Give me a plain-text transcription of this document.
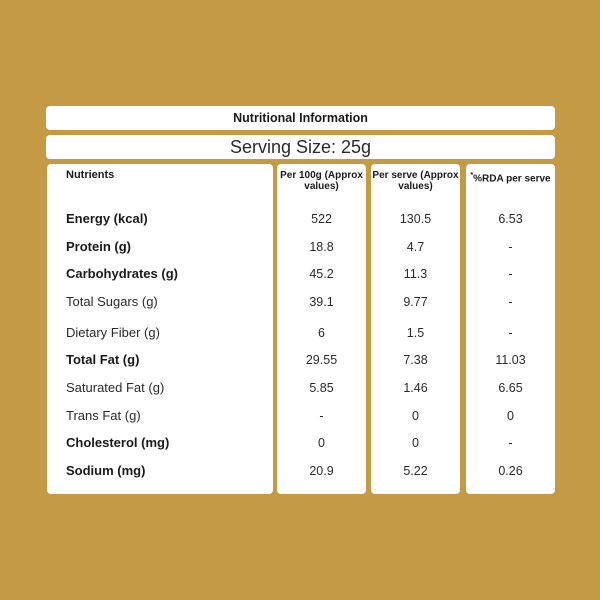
Nutritional Information
Serving Size: 25g
Nutrients
Energy (kcal)
Protein (g)
Carbohydrates (g)
Total Sugars (g)
Dietary Fiber (g)
Total Fat (g)
Saturated Fat (g)
Trans Fat (g)
Cholesterol (mg)
Sodium (mg)
Per 100g (Approx values)
522
18.8
45.2
39.1
6
29.55
5.85
-
0
20.9
Per serve (Approx values)
130.5
4.7
11.3
9.77
1.5
7.38
1.46
0
0
5.22
*%RDA per serve
6.53
-
-
-
-
11.03
6.65
0
-
0.26
